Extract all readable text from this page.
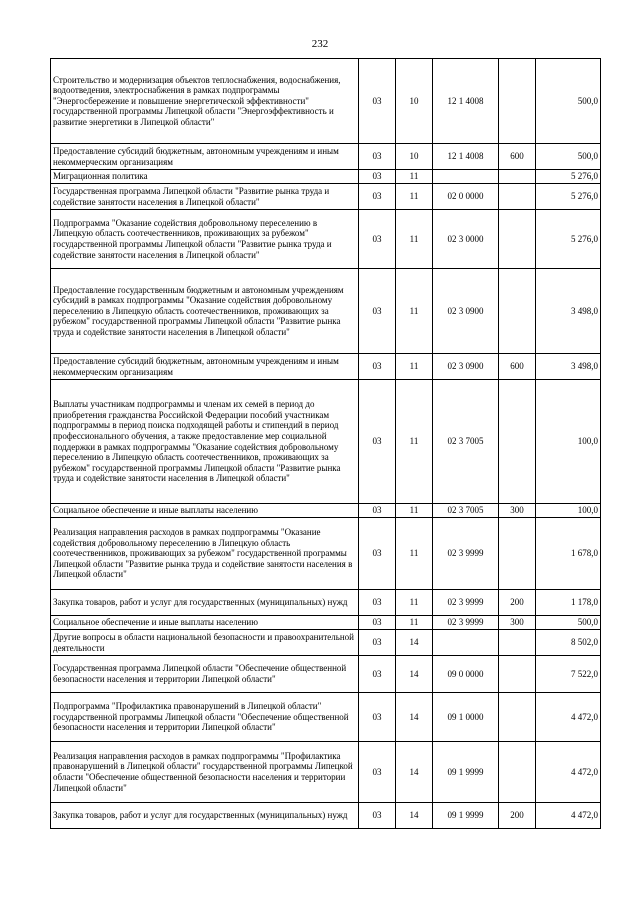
232
Строительство и модернизация объектов теплоснабжения, водоснабжения, водоотведения, электроснабжения в рамках подпрограммы "Энергосбережение и повышение энергетической эффективности" государственной программы Липецкой области "Энергоэффективность и развитие энергетики в Липецкой области"	03	10	12 1 4008		500,0
Предоставление субсидий бюджетным, автономным учреждениям и иным некоммерческим организациям	03	10	12 1 4008	600	500,0
Миграционная политика	03	11			5 276,0
Государственная программа Липецкой области "Развитие рынка труда и содействие занятости населения в Липецкой области"	03	11	02 0 0000		5 276,0
Подпрограмма "Оказание содействия добровольному переселению в Липецкую область соотечественников, проживающих за рубежом" государственной программы Липецкой области "Развитие рынка труда и содействие занятости населения в Липецкой области"	03	11	02 3 0000		5 276,0
Предоставление государственным бюджетным и автономным учреждениям субсидий в рамках подпрограммы "Оказание содействия добровольному переселению в Липецкую область соотечественников, проживающих за рубежом" государственной программы Липецкой области "Развитие рынка труда и содействие занятости населения в Липецкой области"	03	11	02 3 0900		3 498,0
Предоставление субсидий бюджетным, автономным учреждениям и иным некоммерческим организациям	03	11	02 3 0900	600	3 498,0
Выплаты участникам подпрограммы и членам их семей в период до приобретения гражданства Российской Федерации пособий участникам подпрограммы в период поиска подходящей работы и стипендий в период профессионального обучения, а также предоставление мер социальной поддержки в рамках подпрограммы "Оказание содействия добровольному переселению в Липецкую область соотечественников, проживающих за рубежом" государственной программы Липецкой области "Развитие рынка труда и содействие занятости населения в Липецкой области"	03	11	02 3 7005		100,0
Социальное обеспечение и иные выплаты населению	03	11	02 3 7005	300	100,0
Реализация направления расходов в рамках подпрограммы "Оказание содействия добровольному переселению в Липецкую область соотечественников, проживающих за рубежом" государственной программы Липецкой области "Развитие рынка труда и содействие занятости населения в Липецкой области"	03	11	02 3 9999		1 678,0
Закупка товаров, работ и услуг для государственных (муниципальных) нужд	03	11	02 3 9999	200	1 178,0
Социальное обеспечение и иные выплаты населению	03	11	02 3 9999	300	500,0
Другие вопросы в области национальной безопасности и правоохранительной деятельности	03	14			8 502,0
Государственная программа Липецкой области "Обеспечение общественной безопасности населения и территории Липецкой области"	03	14	09 0 0000		7 522,0
Подпрограмма "Профилактика правонарушений в Липецкой области" государственной программы Липецкой области "Обеспечение общественной безопасности населения и территории Липецкой области"	03	14	09 1 0000		4 472,0
Реализация направления расходов в рамках подпрограммы "Профилактика правонарушений в Липецкой области" государственной программы Липецкой области "Обеспечение общественной безопасности населения и территории Липецкой области"	03	14	09 1 9999		4 472,0
Закупка товаров, работ и услуг для государственных (муниципальных) нужд	03	14	09 1 9999	200	4 472,0
